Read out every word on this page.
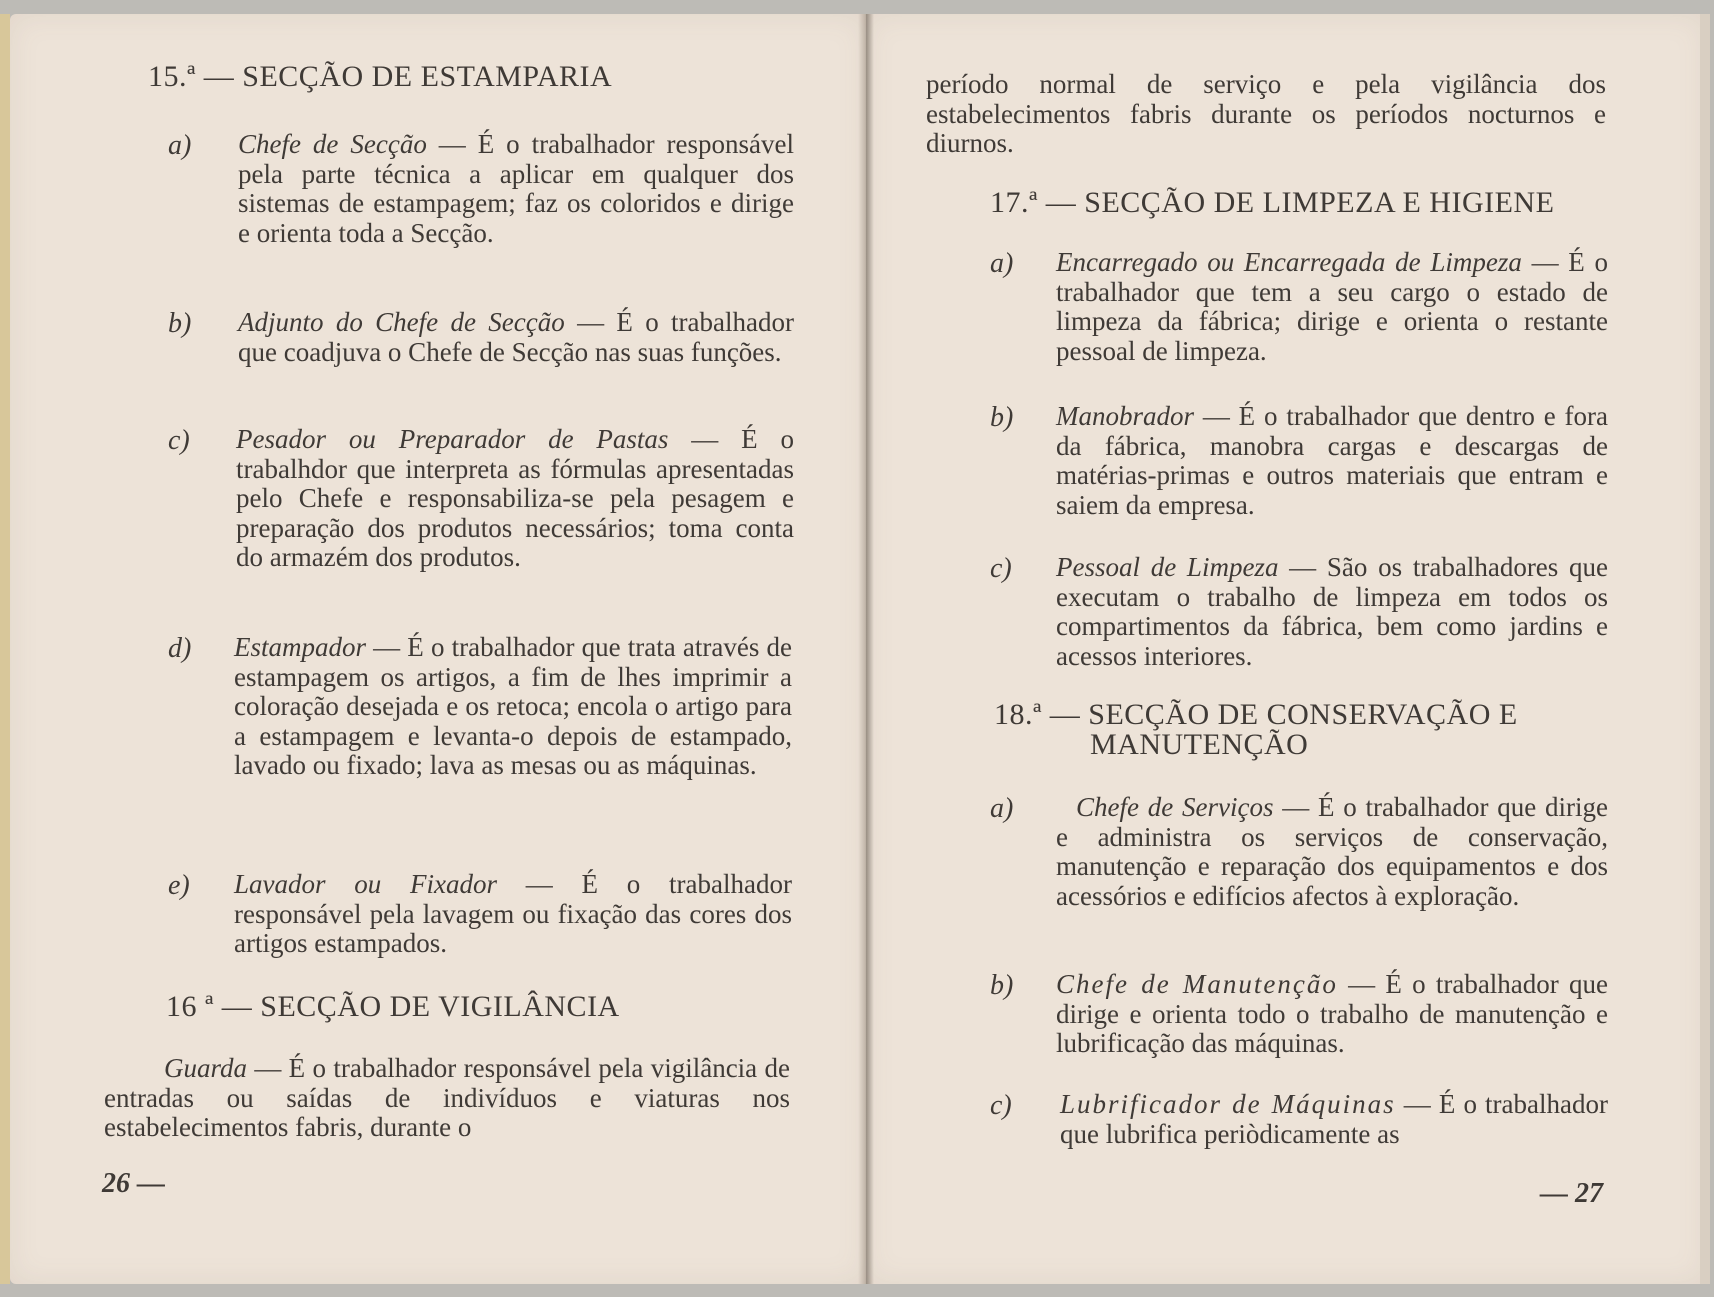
15.ª — SECÇÃO DE ESTAMPARIA
a) Chefe de Secção — É o trabalhador responsável pela parte técnica a aplicar em qualquer dos sistemas de estampagem; faz os coloridos e dirige e orienta toda a Secção.
b) Adjunto do Chefe de Secção — É o trabalhador que coadjuva o Chefe de Secção nas suas funções.
c) Pesador ou Preparador de Pastas — É o trabalhdor que interpreta as fórmulas apresentadas pelo Chefe e responsabiliza-se pela pesagem e preparação dos produtos necessários; toma conta do armazém dos produtos.
d) Estampador — É o trabalhador que trata através de estampagem os artigos, a fim de lhes imprimir a coloração desejada e os retoca; encola o artigo para a estampagem e levanta-o depois de estampado, lavado ou fixado; lava as mesas ou as máquinas.
e) Lavador ou Fixador — É o trabalhador responsável pela lavagem ou fixação das cores dos artigos estampados.
16 ª — SECÇÃO DE VIGILÂNCIA
Guarda — É o trabalhador responsável pela vigilância de entradas ou saídas de indivíduos e viaturas nos estabelecimentos fabris, durante o
26 —
período normal de serviço e pela vigilância dos estabelecimentos fabris durante os períodos nocturnos e diurnos.
17.ª — SECÇÃO DE LIMPEZA E HIGIENE
a) Encarregado ou Encarregada de Limpeza — É o trabalhador que tem a seu cargo o estado de limpeza da fábrica; dirige e orienta o restante pessoal de limpeza.
b) Manobrador — É o trabalhador que dentro e fora da fábrica, manobra cargas e descargas de matérias-primas e outros materiais que entram e saiem da empresa.
c) Pessoal de Limpeza — São os trabalhadores que executam o trabalho de limpeza em todos os compartimentos da fábrica, bem como jardins e acessos interiores.
18.ª — SECÇÃO DE CONSERVAÇÃO E
MANUTENÇÃO
a)	Chefe de Serviços — É o trabalhador que dirige e administra os serviços de conservação, manutenção e reparação dos equipamentos e dos acessórios e edifícios afectos à exploração.
b) Chefe de Manutenção — É o trabalhador que dirige e orienta todo o trabalho de manutenção e lubrificação das máquinas.
c) Lubrificador de Máquinas — É o trabalhador que lubrifica periòdicamente as
— 27
